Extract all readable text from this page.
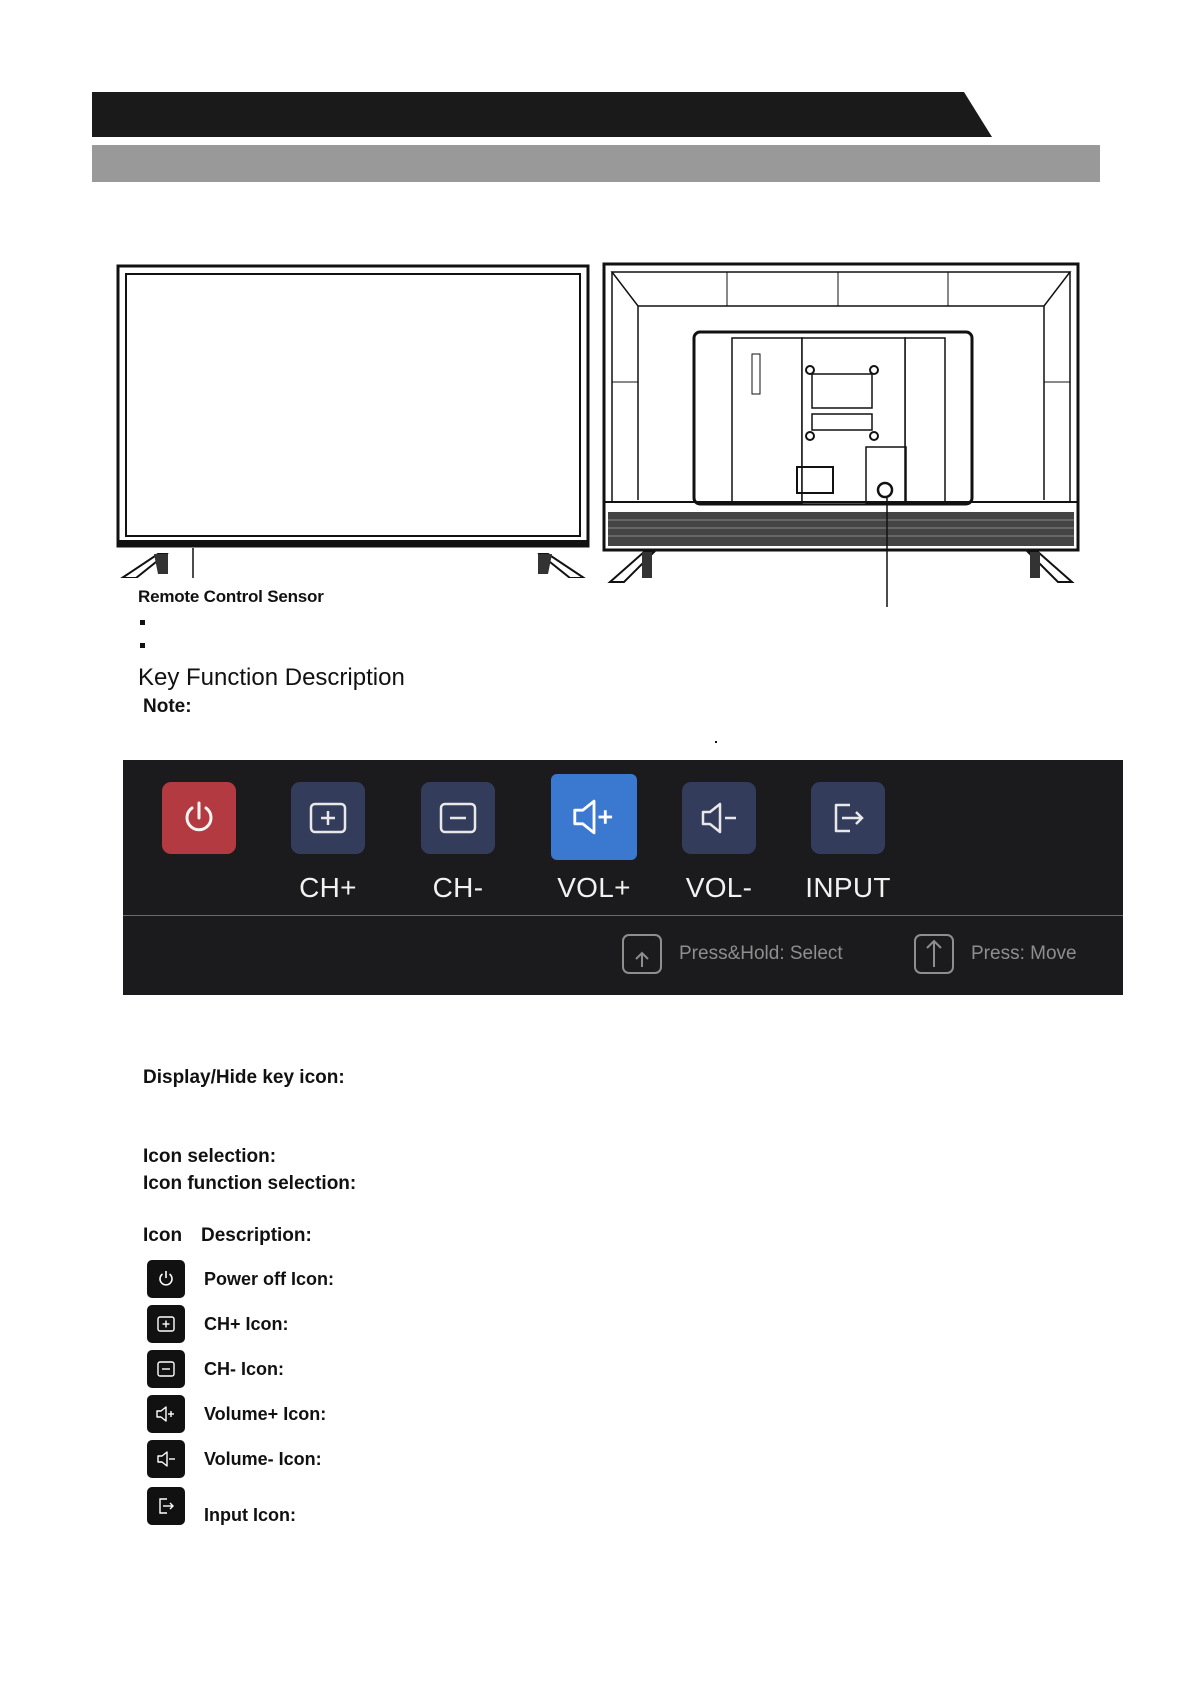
Remote Control Sensor
Key Function Description
Note:
CH+	CH-	VOL+	VOL-	INPUT
Press&Hold: Select	Press: Move
Display/Hide key icon:
Icon selection:
Icon function selection:
Icon Description:
Power off Icon:
CH+ Icon:
CH- Icon:
Volume+ Icon:
Volume- Icon:
Input Icon:
